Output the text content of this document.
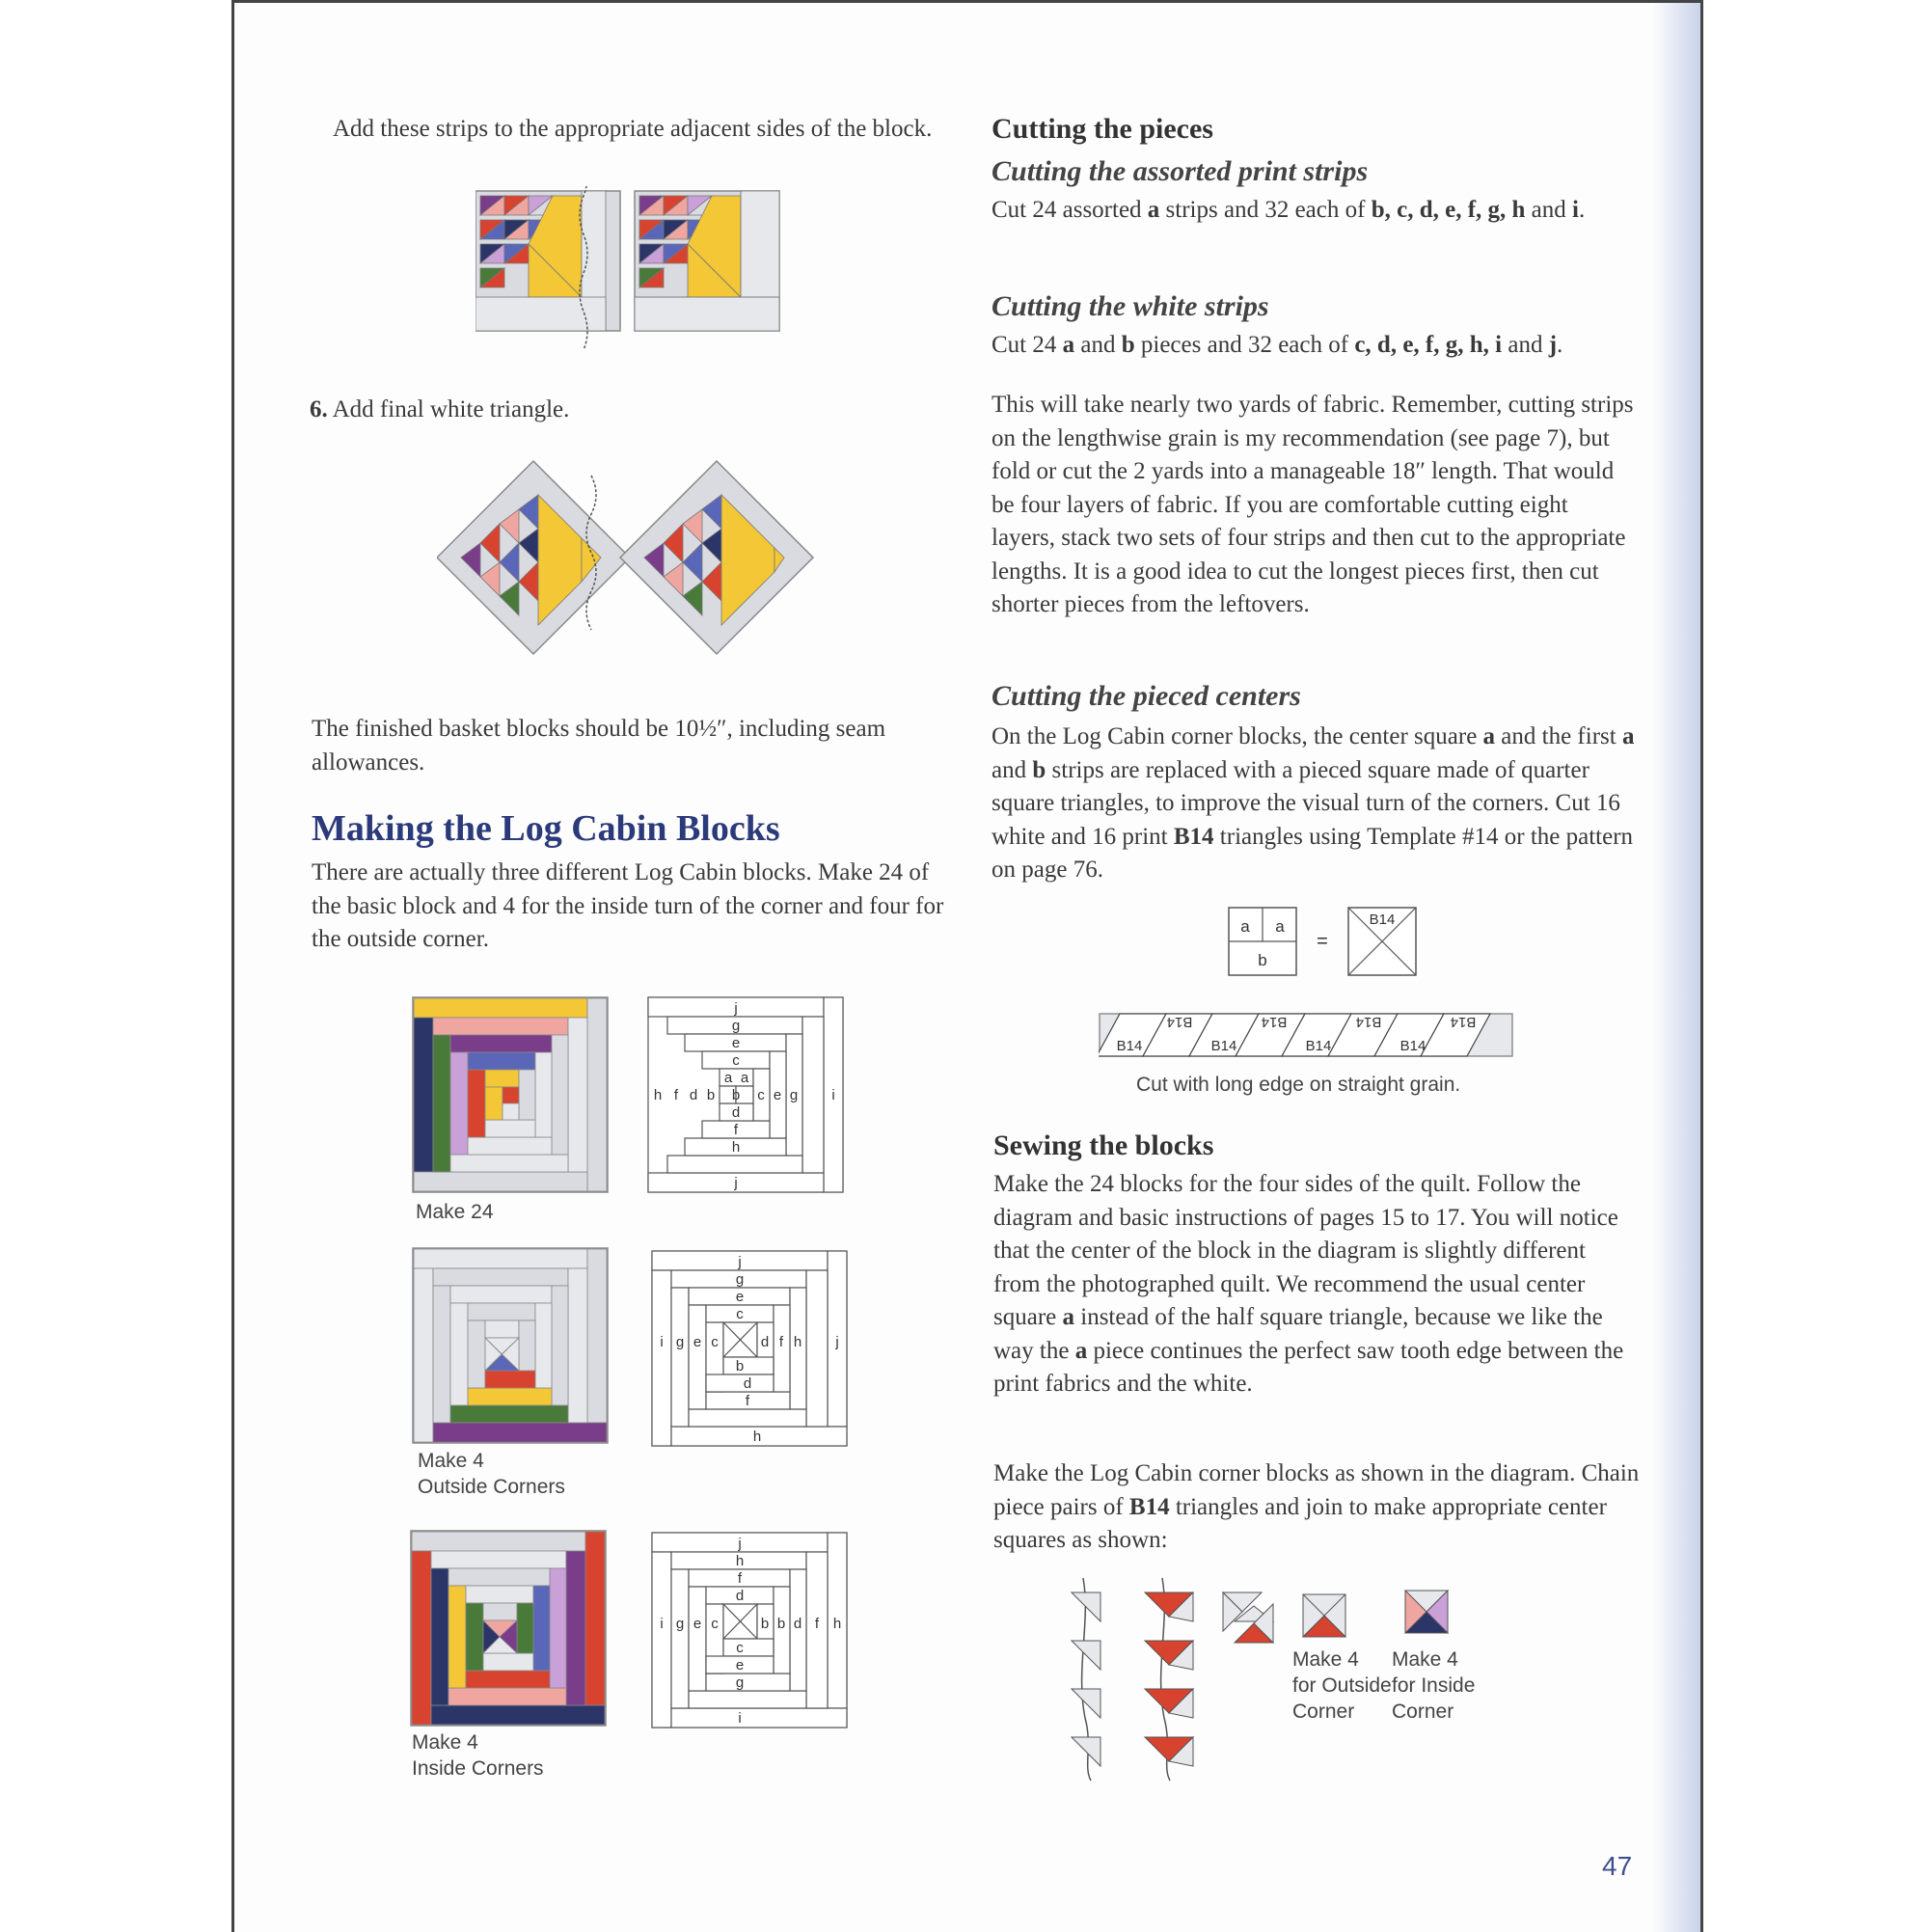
Add these strips to the appropriate adjacent sides of the block.
6. Add final white triangle.
The finished basket blocks should be 10½″, including seam allowances.
Making the Log Cabin Blocks
There are actually three different Log Cabin blocks. Make 24 of the basic block and 4 for the inside turn of the corner and four for the outside corner.
Make 24
j
g
e
c
a a
b
d
f
h
j
h f d b	c e g i
Make 4
Outside Corners
j
g
e
c
b
d
f
h
i g e c	d f h j
Make 4
Inside Corners
j
h
f
d
b
c
e
g
i
i g e c	b d f h
Cutting the pieces
Cutting the assorted print strips
Cut 24 assorted a strips and 32 each of b, c, d, e, f, g, h and i.
Cutting the white strips
Cut 24 a and b pieces and 32 each of c, d, e, f, g, h, i and j.
This will take nearly two yards of fabric. Remember, cutting strips on the lengthwise grain is my recommendation (see page 7), but fold or cut the 2 yards into a manageable 18″ length. That would be four layers of fabric. If you are comfortable cutting eight layers, stack two sets of four strips and then cut to the appropriate lengths. It is a good idea to cut the longest pieces first, then cut shorter pieces from the leftovers.
Cutting the pieced centers
On the Log Cabin corner blocks, the center square a and the first a and b strips are replaced with a pieced square made of quarter square triangles, to improve the visual turn of the corners. Cut 16 white and 16 print B14 triangles using Template #14 or the pattern on page 76.
a a
b
=
B14
B14
B14
B14
B14
B14
B14
B14
B14
Cut with long edge on straight grain.
Sewing the blocks
Make the 24 blocks for the four sides of the quilt. Follow the diagram and basic instructions of pages 15 to 17. You will notice that the center of the block in the diagram is slightly different from the photographed quilt. We recommend the usual center square a instead of the half square triangle, because we like the way the a piece continues the perfect saw tooth edge between the print fabrics and the white.
Make the Log Cabin corner blocks as shown in the diagram. Chain piece pairs of B14 triangles and join to make appropriate center squares as shown:
Make 4
for Outside
Corner
Make 4
for Inside
Corner
47
